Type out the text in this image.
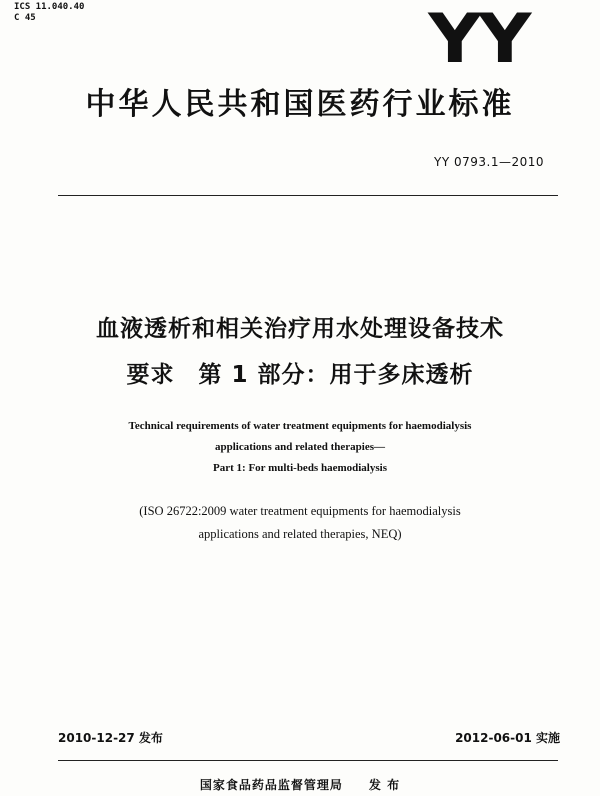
ICS 11.040.40
C 45	YY
中华人民共和国医药行业标准
YY 0793.1—2010
血液透析和相关治疗用水处理设备技术
要求　第 1 部分：用于多床透析
Technical requirements of water treatment equipments for haemodialysis
applications and related therapies—
Part 1: For multi-beds haemodialysis
(ISO 26722:2009 water treatment equipments for haemodialysis
applications and related therapies, NEQ)
2010-12-27 发布	2012-06-01 实施
国家食品药品监督管理局　　发 布
